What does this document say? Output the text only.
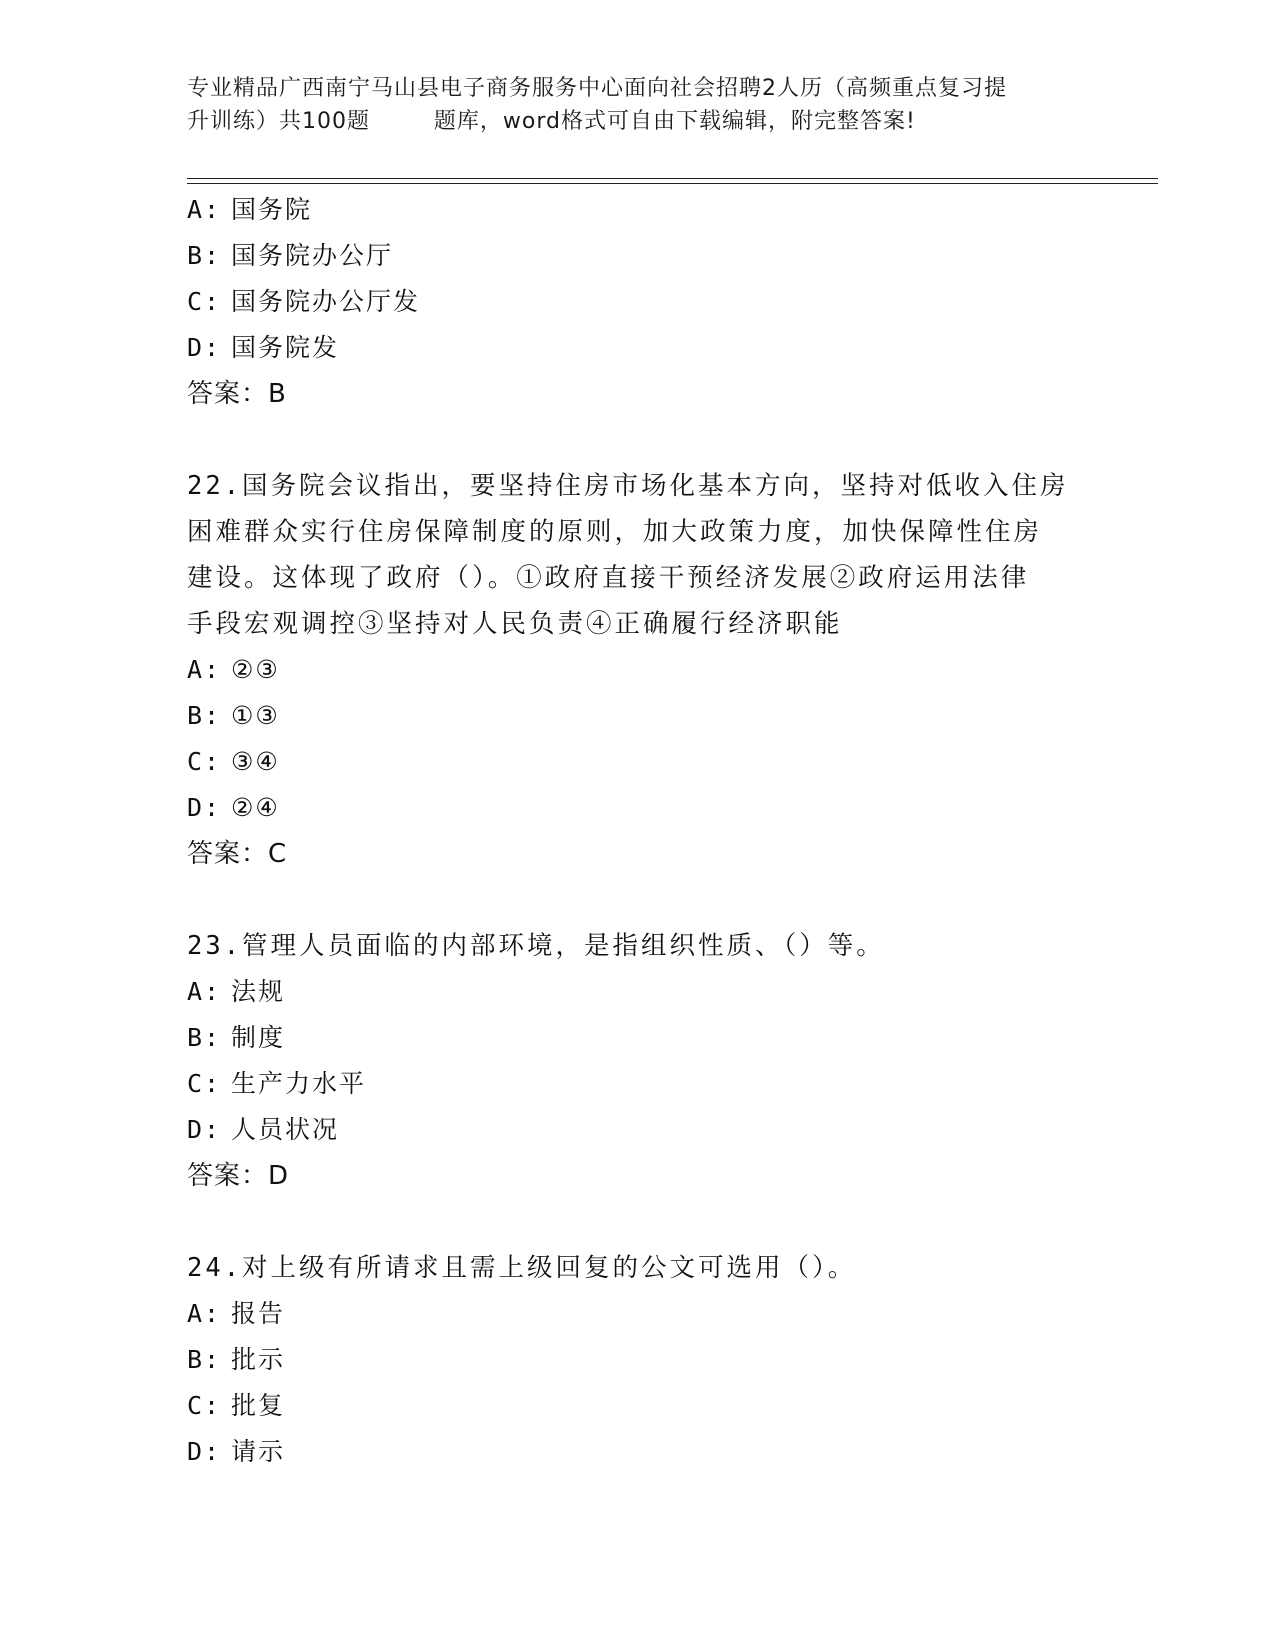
专业精品广西南宁马山县电子商务服务中心面向社会招聘2人历（高频重点复习提
升训练）共100题        题库，word格式可自由下载编辑，附完整答案!
A: 国务院
B: 国务院办公厅
C: 国务院办公厅发
D: 国务院发
答案：B
22.国务院会议指出，要坚持住房市场化基本方向，坚持对低收入住房
困难群众实行住房保障制度的原则，加大政策力度，加快保障性住房
建设。这体现了政府（）。①政府直接干预经济发展②政府运用法律
手段宏观调控③坚持对人民负责④正确履行经济职能
A: ②③
B: ①③
C: ③④
D: ②④
答案：C
23.管理人员面临的内部环境，是指组织性质、（）等。
A: 法规
B: 制度
C: 生产力水平
D: 人员状况
答案：D
24.对上级有所请求且需上级回复的公文可选用（）。
A: 报告
B: 批示
C: 批复
D: 请示
